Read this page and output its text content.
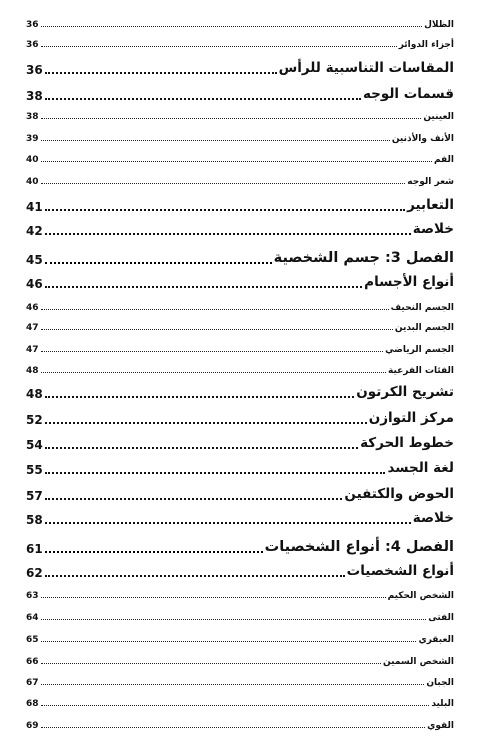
الظلال
36
أجزاء الدوائر
36
المقاسات التناسبية للرأس
36
قسمات الوجه
38
العينين
38
الأنف والأذنين
39
الفم
40
شعر الوجه
40
التعابير
41
خلاصة
42
الفصل 3: جسم الشخصية
45
أنواع الأجسام
46
الجسم النحيف
46
الجسم البدين
47
الجسم الرياضي
47
الفئات الفرعية
48
تشريح الكرتون
48
مركز التوازن
52
خطوط الحركة
54
لغة الجسد
55
الحوض والكتفين
57
خلاصة
58
الفصل 4: أنواع الشخصيات
61
أنواع الشخصيات
62
الشخص الحكيم
63
الفتى
64
العبقري
65
الشخص السمين
66
الجبان
67
البليد
68
القوي
69
